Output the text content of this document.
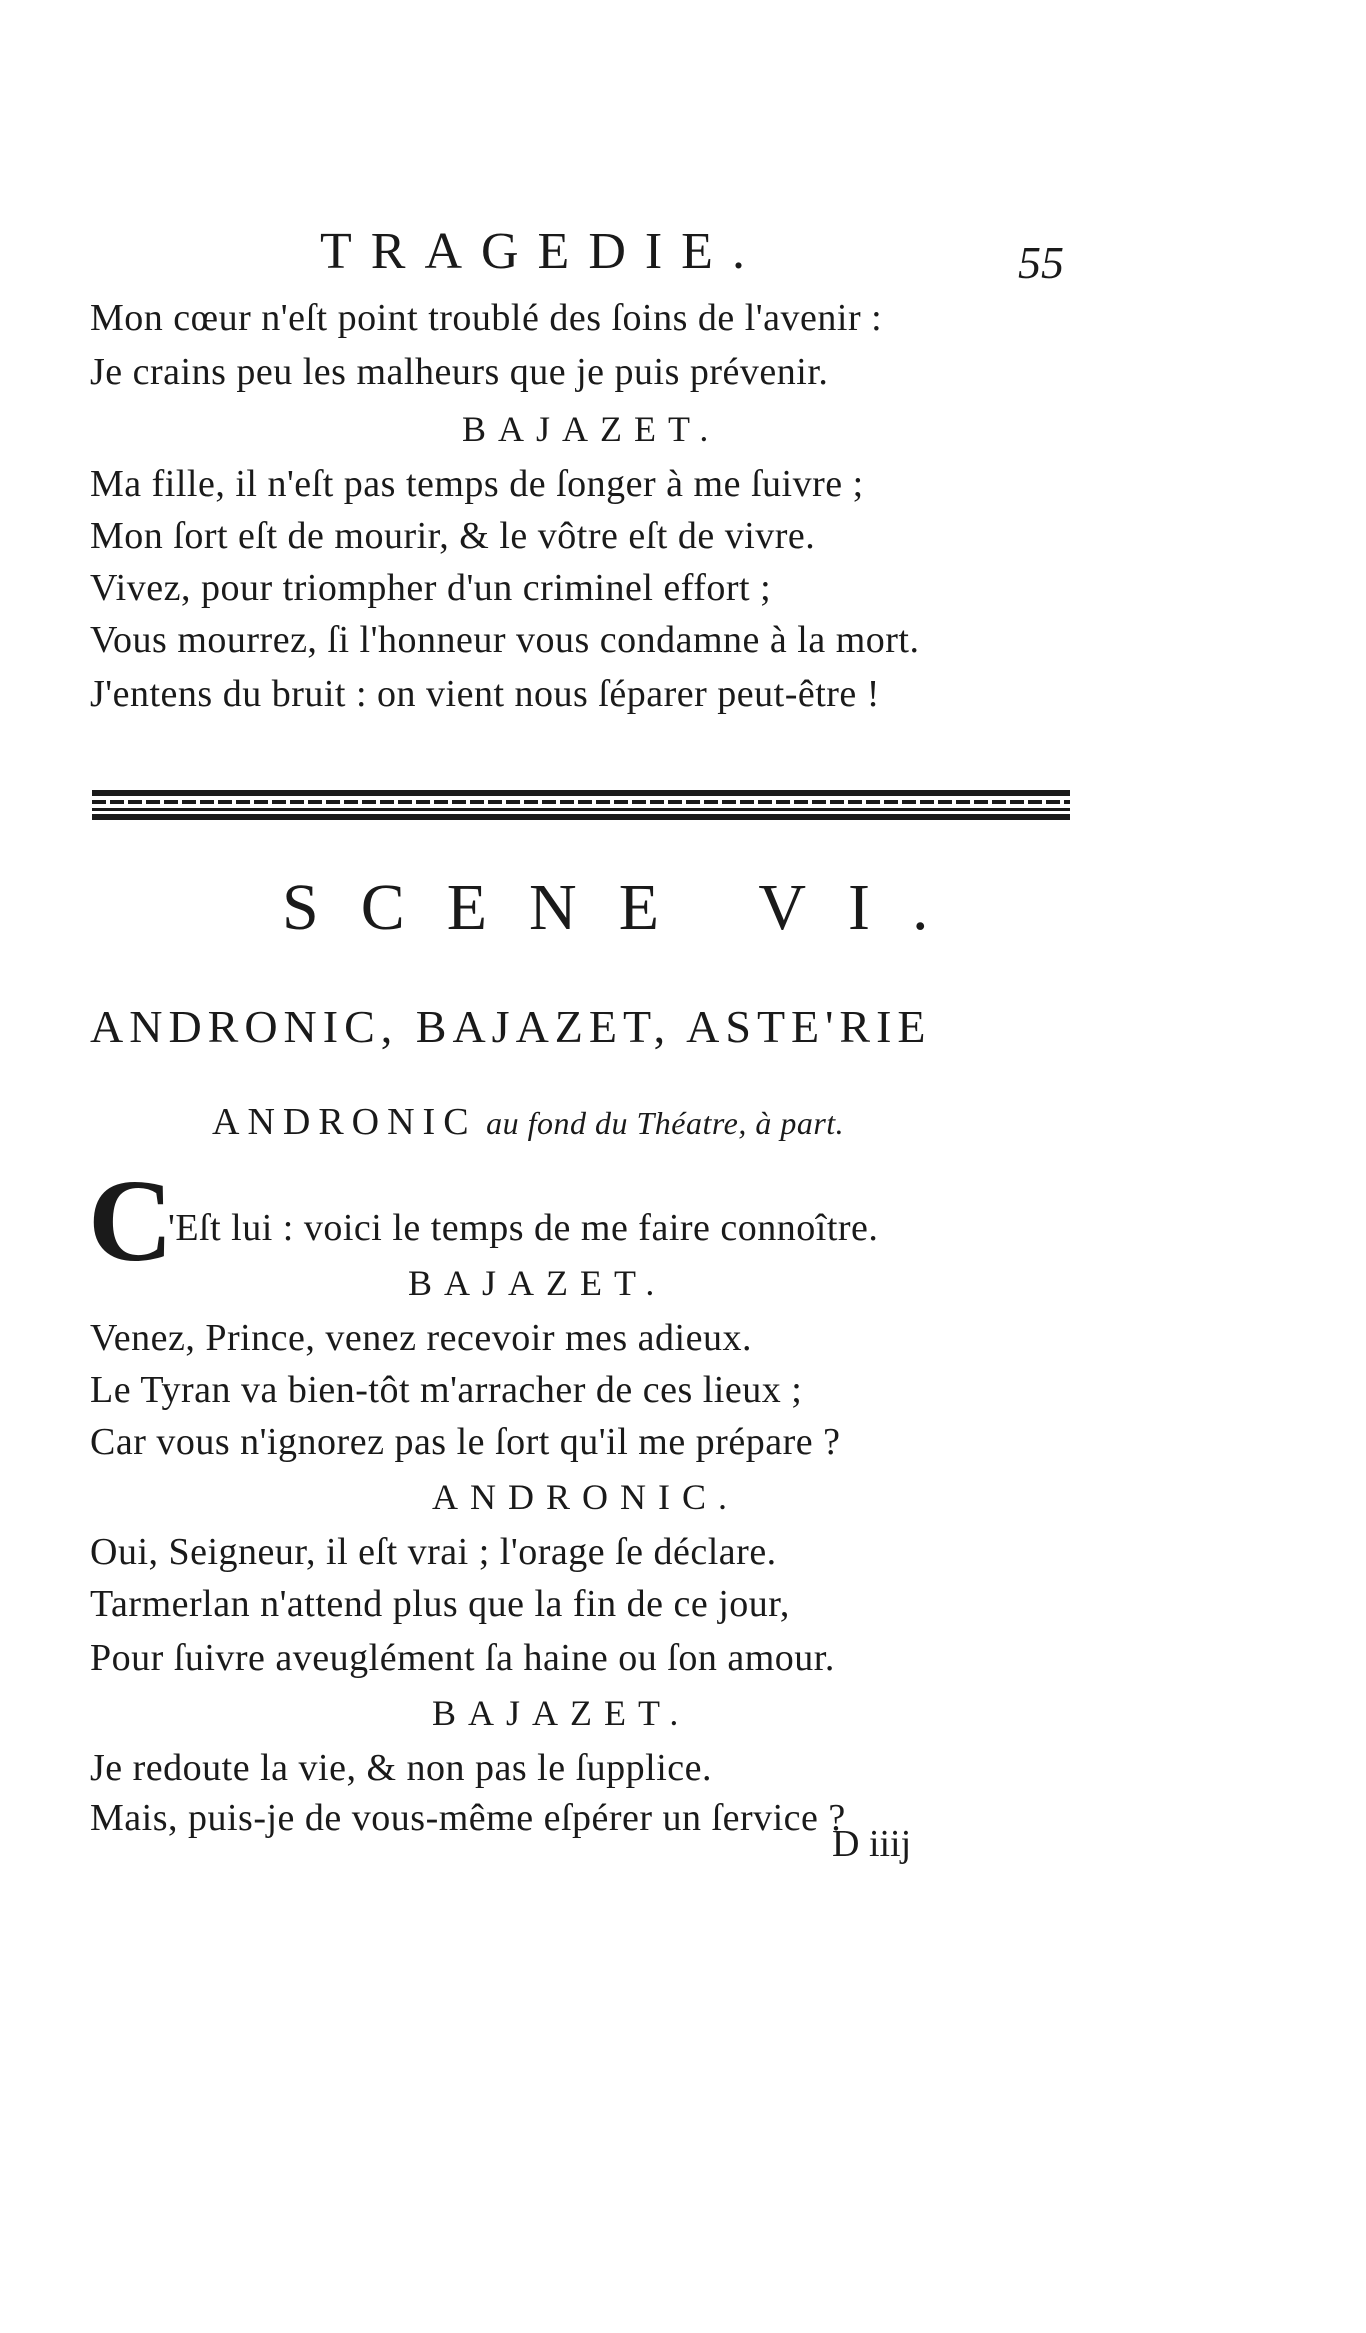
TRAGEDIE.	55
Mon cœur n'eſt point troublé des ſoins de l'avenir :
Je crains peu les malheurs que je puis prévenir.
BAJAZET.
Ma fille, il n'eſt pas temps de ſonger à me ſuivre ;
Mon ſort eſt de mourir, & le vôtre eſt de vivre.
Vivez, pour triompher d'un criminel effort ;
Vous mourrez, ſi l'honneur vous condamne à la mort.
J'entens du bruit : on vient nous ſéparer peut-être !
SCENE VI.
ANDRONIC, BAJAZET, ASTE'RIE
ANDRONIC au fond du Théatre, à part.
C
'Eſt lui : voici le temps de me faire connoître.
BAJAZET.
Venez, Prince, venez recevoir mes adieux.
Le Tyran va bien-tôt m'arracher de ces lieux ;
Car vous n'ignorez pas le ſort qu'il me prépare ?
ANDRONIC.
Oui, Seigneur, il eſt vrai ; l'orage ſe déclare.
Tarmerlan n'attend plus que la fin de ce jour,
Pour ſuivre aveuglément ſa haine ou ſon amour.
BAJAZET.
Je redoute la vie, & non pas le ſupplice.
Mais, puis-je de vous-même eſpérer un ſervice ?
D iiij
